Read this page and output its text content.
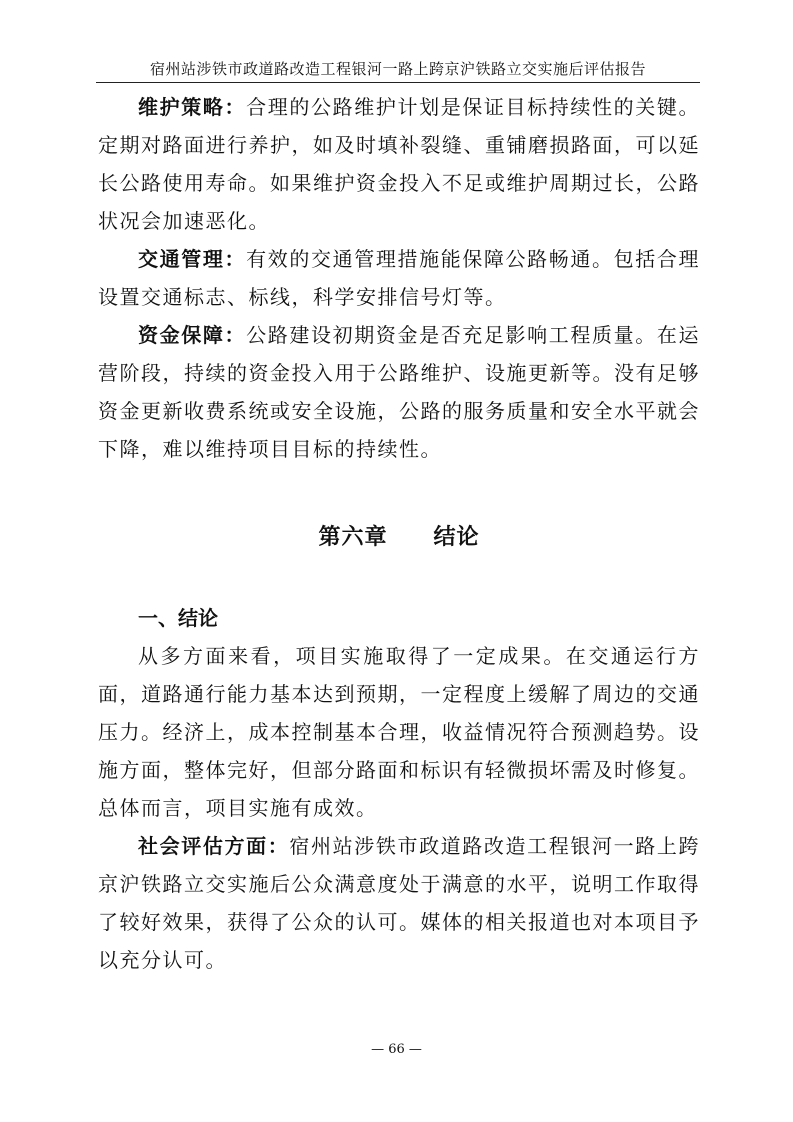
宿州站涉铁市政道路改造工程银河一路上跨京沪铁路立交实施后评估报告

维护策略：合理的公路维护计划是保证目标持续性的关键。定期对路面进行养护，如及时填补裂缝、重铺磨损路面，可以延长公路使用寿命。如果维护资金投入不足或维护周期过长，公路状况会加速恶化。

交通管理：有效的交通管理措施能保障公路畅通。包括合理设置交通标志、标线，科学安排信号灯等。

资金保障：公路建设初期资金是否充足影响工程质量。在运营阶段，持续的资金投入用于公路维护、设施更新等。没有足够资金更新收费系统或安全设施，公路的服务质量和安全水平就会下降，难以维持项目目标的持续性。

第六章　　结论
一、结论

从多方面来看，项目实施取得了一定成果。在交通运行方面，道路通行能力基本达到预期，一定程度上缓解了周边的交通压力。经济上，成本控制基本合理，收益情况符合预测趋势。设施方面，整体完好，但部分路面和标识有轻微损坏需及时修复。总体而言，项目实施有成效。

社会评估方面：宿州站涉铁市政道路改造工程银河一路上跨京沪铁路立交实施后公众满意度处于满意的水平，说明工作取得了较好效果，获得了公众的认可。媒体的相关报道也对本项目予以充分认可。

— 66 —
